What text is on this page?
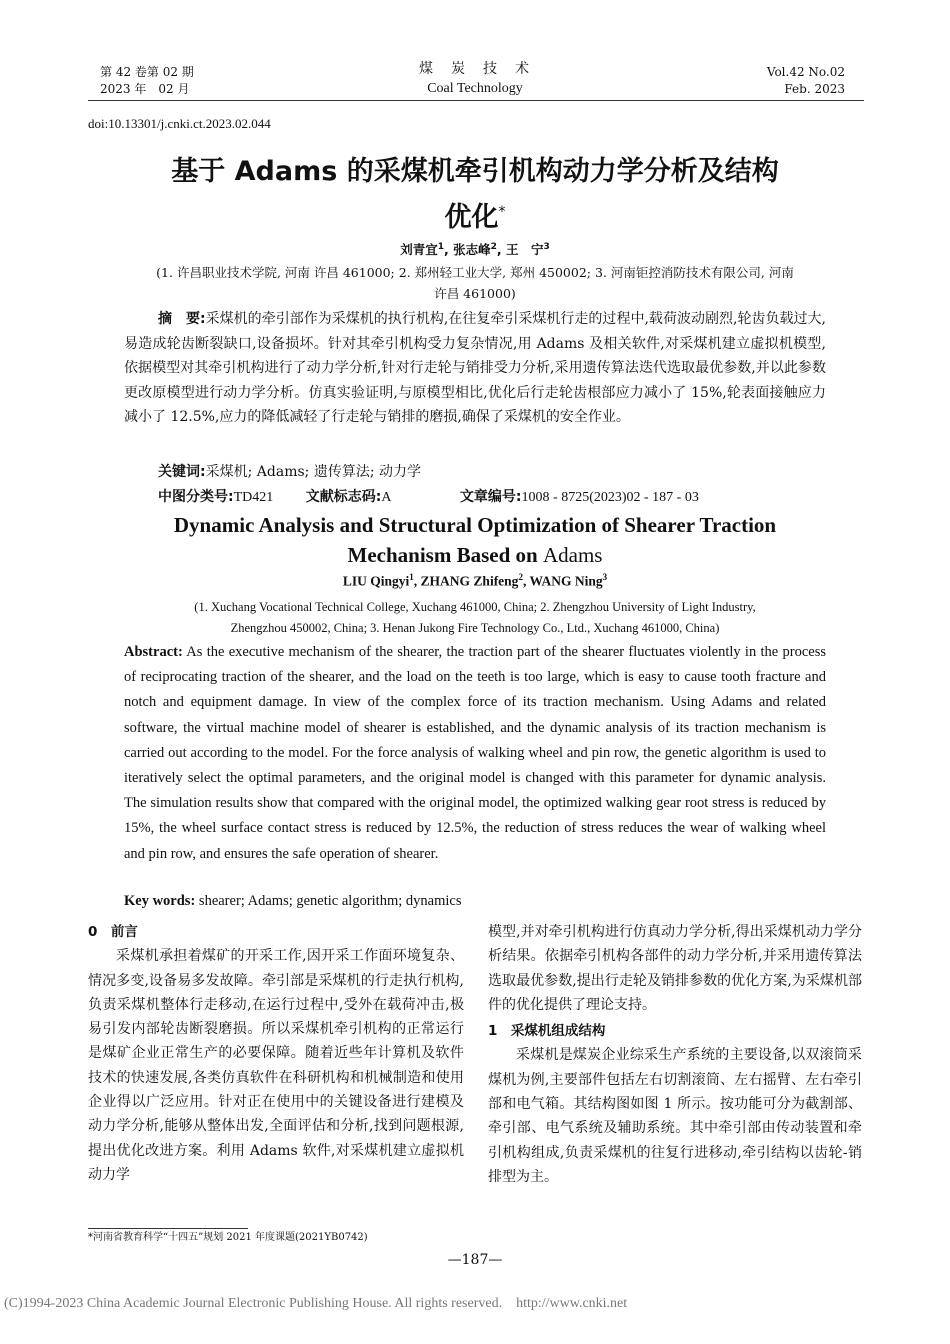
第 42 卷第 02 期
2023 年　02 月
煤　炭　技　术
Coal Technology
Vol.42 No.02
Feb. 2023
doi:10.13301/j.cnki.ct.2023.02.044
基于 Adams 的采煤机牵引机构动力学分析及结构
优化*
刘青宜$^1$, 张志峰$^2$, 王　宁$^3$
(1. 许昌职业技术学院, 河南 许昌 461000; 2. 郑州轻工业大学, 郑州 450002; 3. 河南钜控消防技术有限公司, 河南
许昌 461000)
摘　要:采煤机的牵引部作为采煤机的执行机构,在往复牵引采煤机行走的过程中,载荷波动剧烈,轮齿负载过大,易造成轮齿断裂缺口,设备损坏。针对其牵引机构受力复杂情况,用 Adams 及相关软件,对采煤机建立虚拟机模型,依据模型对其牵引机构进行了动力学分析,针对行走轮与销排受力分析,采用遗传算法迭代选取最优参数,并以此参数更改原模型进行动力学分析。仿真实验证明,与原模型相比,优化后行走轮齿根部应力减小了 15%,轮表面接触应力减小了 12.5%,应力的降低减轻了行走轮与销排的磨损,确保了采煤机的安全作业。
关键词:采煤机; Adams; 遗传算法; 动力学
中图分类号:TD421 文献标志码:A	文章编号:1008 - 8725(2023)02 - 187 - 03
Dynamic Analysis and Structural Optimization of Shearer Traction
Mechanism Based on Adams
LIU Qingyi$^1$, ZHANG Zhifeng$^2$, WANG Ning$^3$
(1. Xuchang Vocational Technical College, Xuchang 461000, China; 2. Zhengzhou University of Light Industry,
Zhengzhou 450002, China; 3. Henan Jukong Fire Technology Co., Ltd., Xuchang 461000, China)
Abstract: As the executive mechanism of the shearer, the traction part of the shearer fluctuates violently in the process of reciprocating traction of the shearer, and the load on the teeth is too large, which is easy to cause tooth fracture and notch and equipment damage. In view of the complex force of its traction mechanism. Using Adams and related software, the virtual machine model of shearer is established, and the dynamic analysis of its traction mechanism is carried out according to the model. For the force analysis of walking wheel and pin row, the genetic algorithm is used to iteratively select the optimal parameters, and the original model is changed with this parameter for dynamic analysis. The simulation results show that compared with the original model, the optimized walking gear root stress is reduced by 15%, the wheel surface contact stress is reduced by 12.5%, the reduction of stress reduces the wear of walking wheel and pin row, and ensures the safe operation of shearer.
Key words: shearer; Adams; genetic algorithm; dynamics
0　前言
采煤机承担着煤矿的开采工作,因开采工作面环境复杂、情况多变,设备易多发故障。牵引部是采煤机的行走执行机构,负责采煤机整体行走移动,在运行过程中,受外在载荷冲击,极易引发内部轮齿断裂磨损。所以采煤机牵引机构的正常运行是煤矿企业正常生产的必要保障。随着近些年计算机及软件技术的快速发展,各类仿真软件在科研机构和机械制造和使用企业得以广泛应用。针对正在使用中的关键设备进行建模及动力学分析,能够从整体出发,全面评估和分析,找到问题根源,提出优化改进方案。利用 Adams 软件,对采煤机建立虚拟机动力学
*河南省教育科学“十四五”规划 2021 年度课题(2021YB0742)
模型,并对牵引机构进行仿真动力学分析,得出采煤机动力学分析结果。依据牵引机构各部件的动力学分析,并采用遗传算法选取最优参数,提出行走轮及销排参数的优化方案,为采煤机部件的优化提供了理论支持。
1　采煤机组成结构
采煤机是煤炭企业综采生产系统的主要设备,以双滚筒采煤机为例,主要部件包括左右切割滚筒、左右摇臂、左右牵引部和电气箱。其结构图如图 1 所示。按功能可分为截割部、牵引部、电气系统及辅助系统。其中牵引部由传动装置和牵引机构组成,负责采煤机的往复行进移动,牵引结构以齿轮-销排型为主。
—187—
(C)1994-2023 China Academic Journal Electronic Publishing House. All rights reserved.    http://www.cnki.net
